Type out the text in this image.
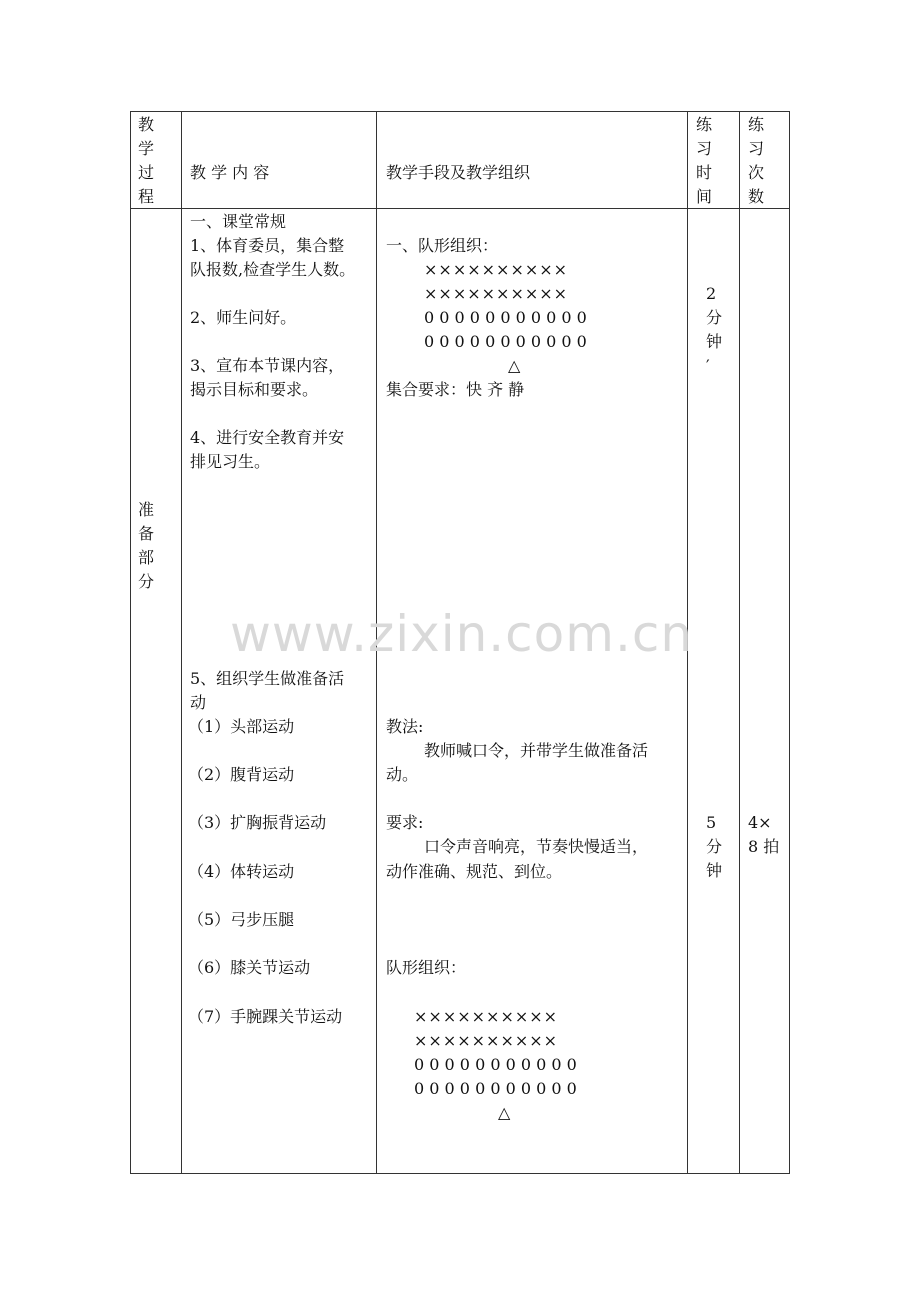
教
学
过
程
教 学 内 容	教学手段及教学组织
练
习
时
间
练
习
次
数
准
备
部
分
一、课堂常规
1、体育委员，集合整
队报数,检查学生人数。
2、师生问好。
3、宣布本节课内容，
揭示目标和要求。
4、进行安全教育并安
排见习生。
5、组织学生做准备活
动
（1）头部运动
（2）腹背运动
（3）扩胸振背运动
（4）体转运动
（5）弓步压腿
（6）膝关节运动
（7）手腕踝关节运动
一、队形组织：
××××××××××
××××××××××
0 0 0 0 0 0 0 0 0 0 0
0 0 0 0 0 0 0 0 0 0 0
△
集合要求：快 齐 静
教法:
教师喊口令，并带学生做准备活
动。
要求:
口令声音响亮，节奏快慢适当，
动作准确、规范、到位。
队形组织：
××××××××××
××××××××××
0 0 0 0 0 0 0 0 0 0 0
0 0 0 0 0 0 0 0 0 0 0
△
2
分
钟
′
5
分
钟
4×
8 拍
www.zixin.com.cn
